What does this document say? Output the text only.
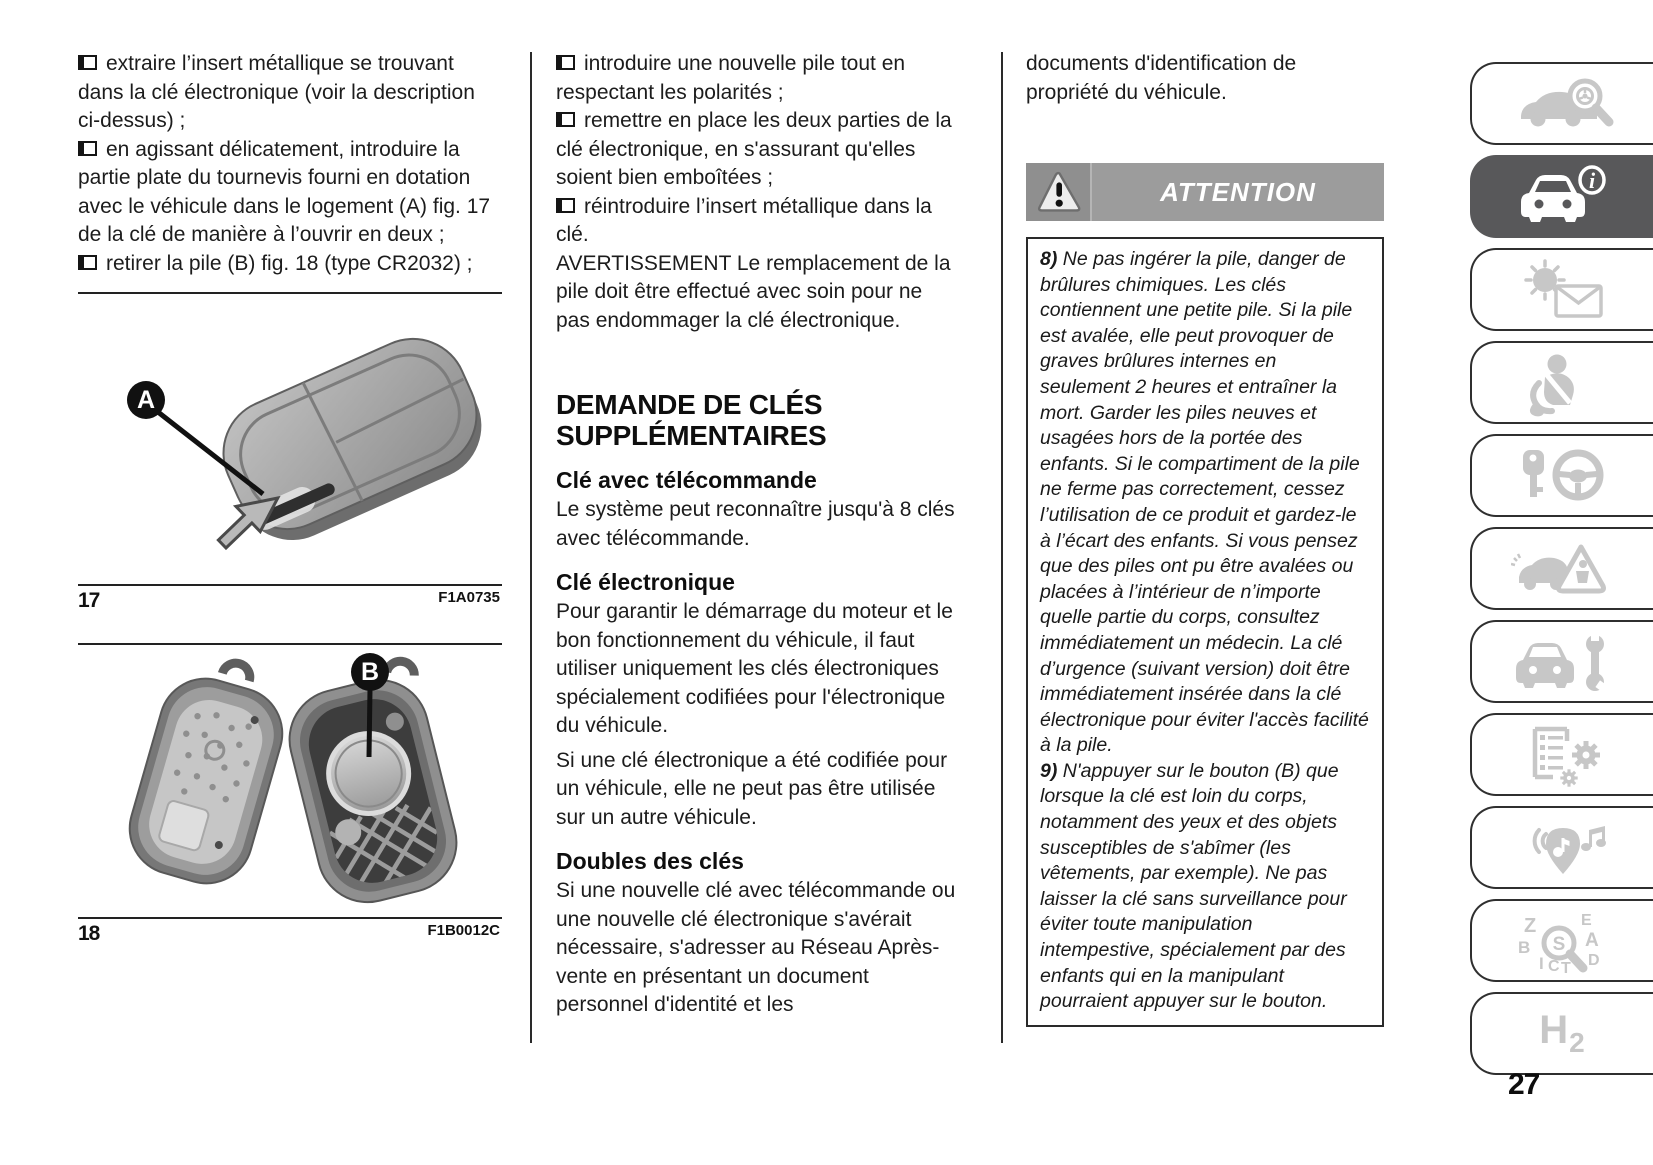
extraire l’insert métallique se trouvant dans la clé électronique (voir la description ci-dessus) ;

en agissant délicatement, introduire la partie plate du tournevis fourni en dotation avec le véhicule dans le logement (A) fig. 17 de la clé de manière à l’ouvrir en deux ;

retirer la pile (B) fig. 18 (type CR2032) ;

A
17	F1A0735
B
18	F1B0012C

introduire une nouvelle pile tout en respectant les polarités ;

remettre en place les deux parties de la clé électronique, en s'assurant qu'elles soient bien emboîtées ;

réintroduire l’insert métallique dans la clé.

AVERTISSEMENT Le remplacement de la pile doit être effectué avec soin pour ne pas endommager la clé électronique.

DEMANDE DE CLÉS SUPPLÉMENTAIRES
Clé avec télécommande

Le système peut reconnaître jusqu'à 8 clés avec télécommande.

Clé électronique

Pour garantir le démarrage du moteur et le bon fonctionnement du véhicule, il faut utiliser uniquement les clés électroniques spécialement codifiées pour l'électronique du véhicule.

Si une clé électronique a été codifiée pour un véhicule, elle ne peut pas être utilisée sur un autre véhicule.

Doubles des clés

Si une nouvelle clé avec télécommande ou une nouvelle clé électronique s'avérait nécessaire, s'adresser au Réseau Après-vente en présentant un document personnel d'identité et les

documents d'identification de propriété du véhicule.

ATTENTION

8) Ne pas ingérer la pile, danger de brûlures chimiques. Les clés contiennent une petite pile. Si la pile est avalée, elle peut provoquer de graves brûlures internes en seulement 2 heures et entraîner la mort. Garder les piles neuves et usagées hors de la portée des enfants. Si le compartiment de la pile ne ferme pas correctement, cessez l’utilisation de ce produit et gardez-le à l’écart des enfants. Si vous pensez que des piles ont pu être avalées ou placées à l’intérieur de n’importe quelle partie du corps, consultez immédiatement un médecin. La clé d’urgence (suivant version) doit être immédiatement insérée dans la clé électronique pour éviter l'accès facilité à la pile.

9) N'appuyer sur le bouton (B) que lorsque la clé est loin du corps, notamment des yeux et des objets susceptibles de s'abîmer (les vêtements, par exemple). Ne pas laisser la clé sans surveillance pour éviter toute manipulation intempestive, spécialement par des enfants qui en la manipulant pourraient appuyer sur le bouton.

i
Z
B
I C T
E
A
D
S
$H_2$
27
